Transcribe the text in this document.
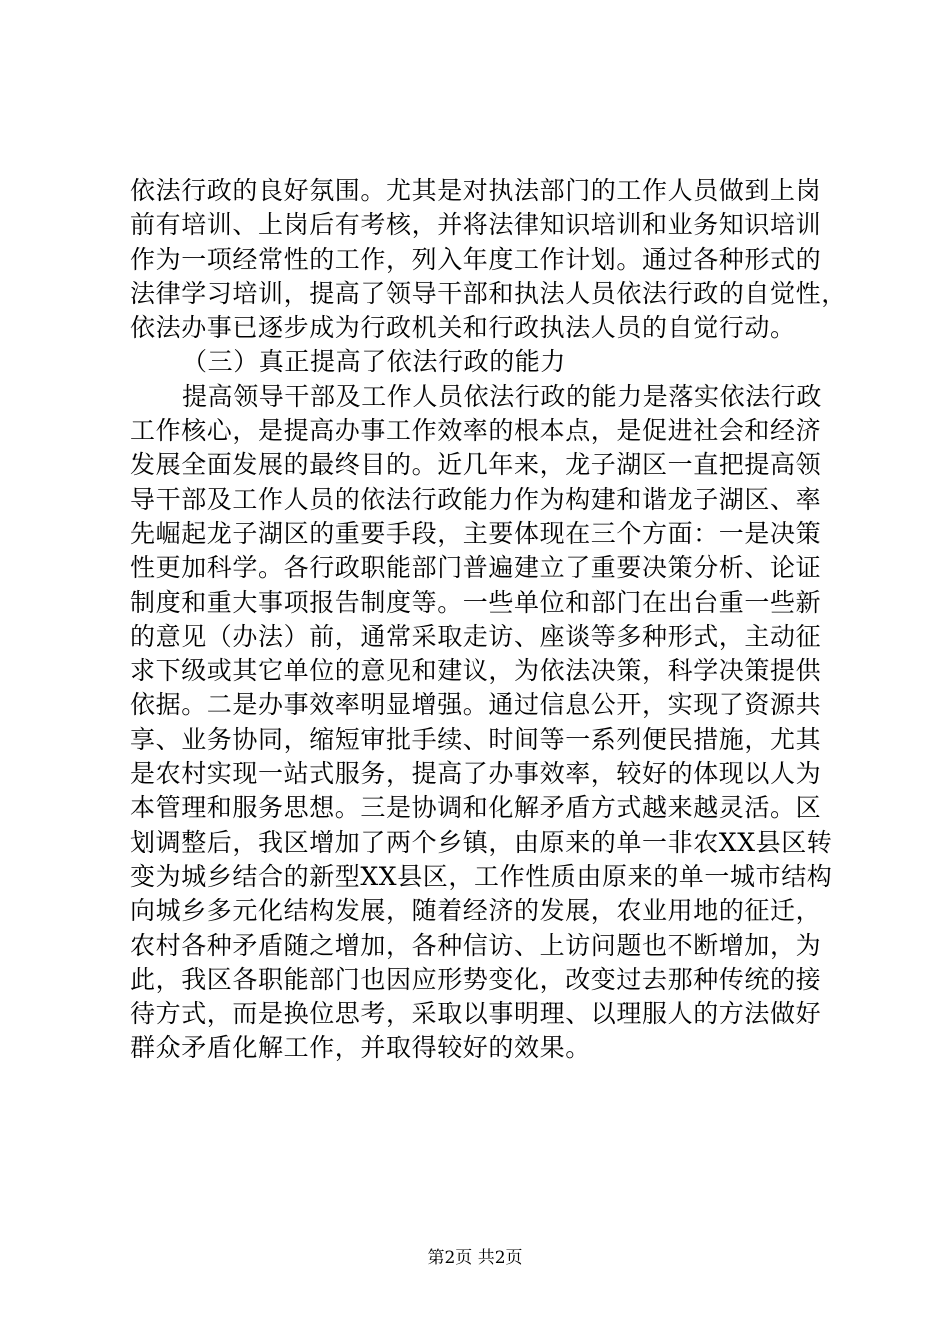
依法行政的良好氛围。尤其是对执法部门的工作人员做到上岗
前有培训、上岗后有考核，并将法律知识培训和业务知识培训
作为一项经常性的工作，列入年度工作计划。通过各种形式的
法律学习培训，提高了领导干部和执法人员依法行政的自觉性，
依法办事已逐步成为行政机关和行政执法人员的自觉行动。
（三）真正提高了依法行政的能力
提高领导干部及工作人员依法行政的能力是落实依法行政
工作核心，是提高办事工作效率的根本点，是促进社会和经济
发展全面发展的最终目的。近几年来，龙子湖区一直把提高领
导干部及工作人员的依法行政能力作为构建和谐龙子湖区、率
先崛起龙子湖区的重要手段，主要体现在三个方面：一是决策
性更加科学。各行政职能部门普遍建立了重要决策分析、论证
制度和重大事项报告制度等。一些单位和部门在出台重一些新
的意见（办法）前，通常采取走访、座谈等多种形式，主动征
求下级或其它单位的意见和建议，为依法决策，科学决策提供
依据。二是办事效率明显增强。通过信息公开，实现了资源共
享、业务协同，缩短审批手续、时间等一系列便民措施，尤其
是农村实现一站式服务，提高了办事效率，较好的体现以人为
本管理和服务思想。三是协调和化解矛盾方式越来越灵活。区
划调整后，我区增加了两个乡镇，由原来的单一非农XX县区转
变为城乡结合的新型XX县区，工作性质由原来的单一城市结构
向城乡多元化结构发展，随着经济的发展，农业用地的征迁，
农村各种矛盾随之增加，各种信访、上访问题也不断增加，为
此，我区各职能部门也因应形势变化，改变过去那种传统的接
待方式，而是换位思考，采取以事明理、以理服人的方法做好
群众矛盾化解工作，并取得较好的效果。
第2页 共2页
